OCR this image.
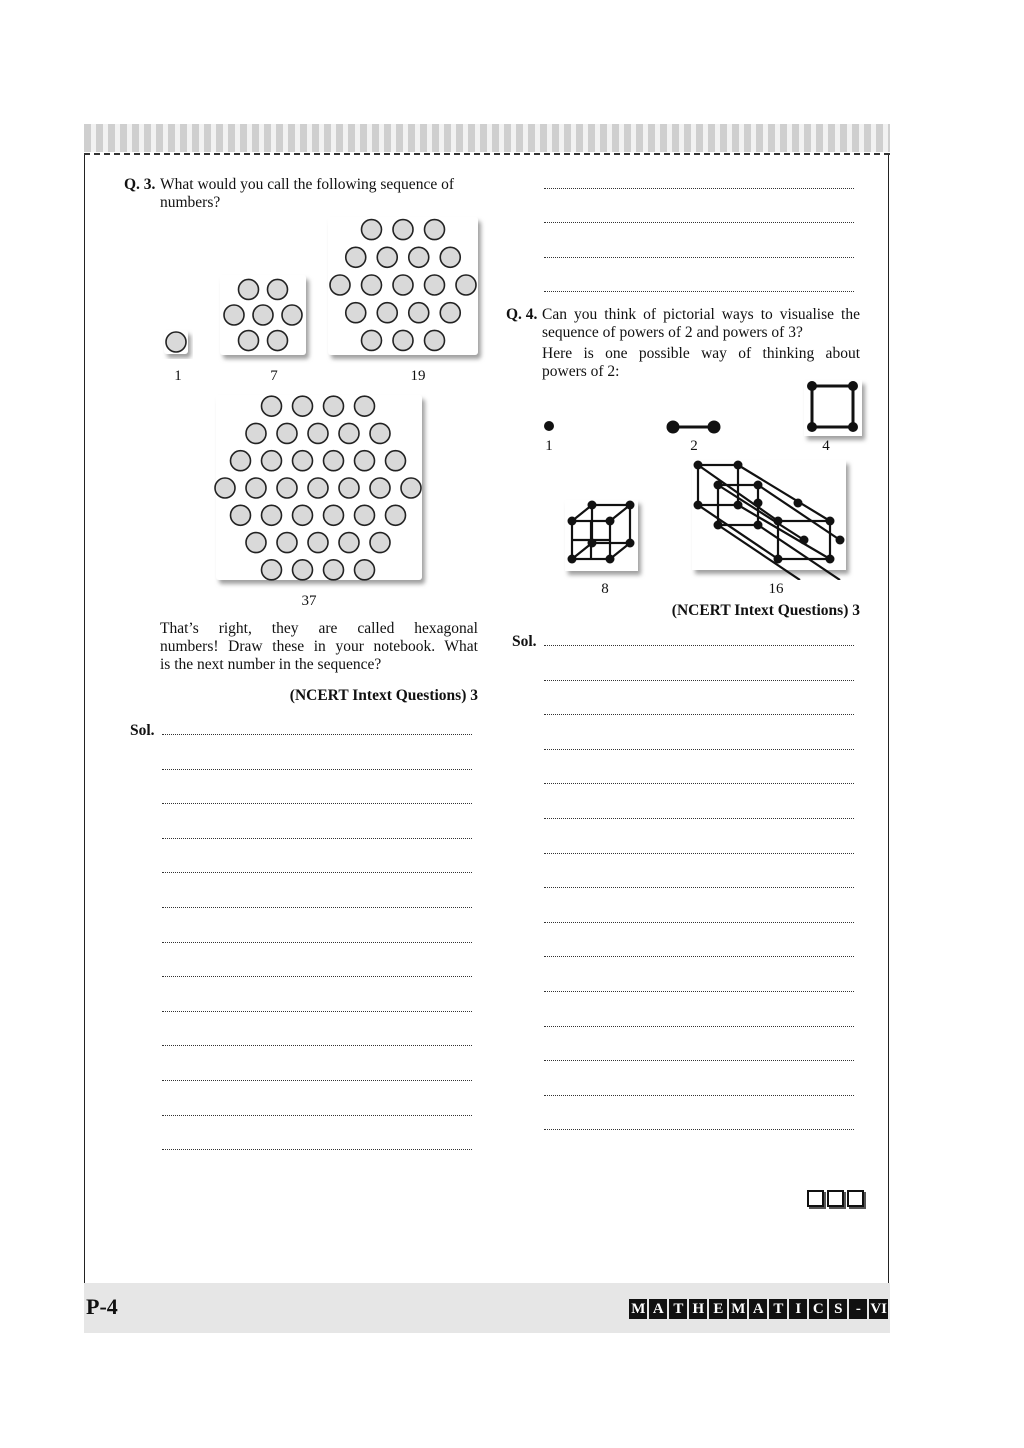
Q. 3. What would you call the following sequence of
numbers?
1	7	19
37
That’s right, they are called hexagonal
numbers! Draw these in your notebook. What
is the next number in the sequence?
(NCERT Intext Questions) 3
Sol.
Q. 4. Can you think of pictorial ways to visualise the
sequence of powers of 2 and powers of 3?
Here is one possible way of thinking about
powers of 2:
1	2	4
8	16
(NCERT Intext Questions) 3
Sol.
P-4	M A T H E M A T I C S - VI
